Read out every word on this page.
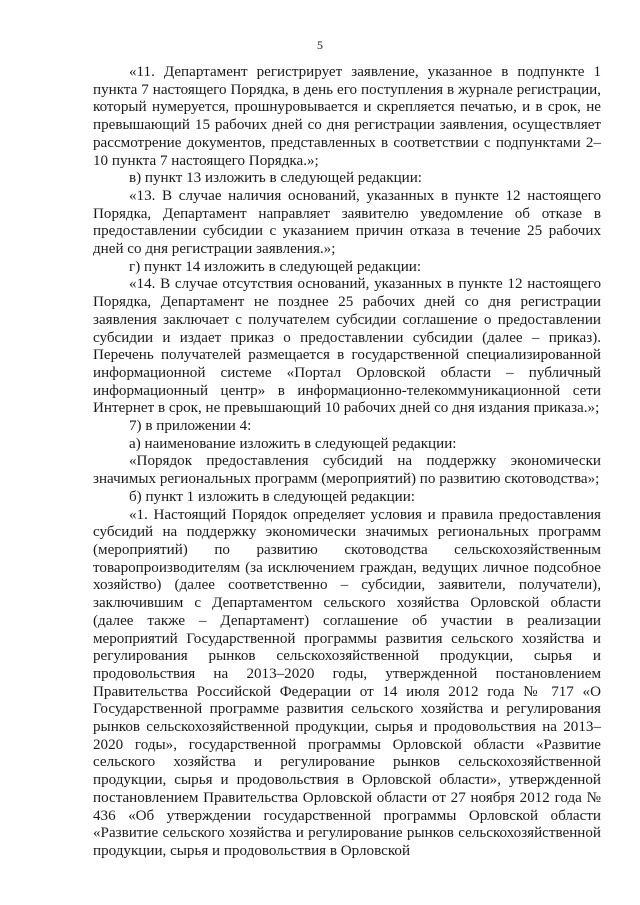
5

«11. Департамент регистрирует заявление, указанное в подпункте 1 пункта 7 настоящего Порядка, в день его поступления в журнале регистрации, который нумеруется, прошнуровывается и скрепляется печатью, и в срок, не превышающий 15 рабочих дней со дня регистрации заявления, осуществляет рассмотрение документов, представленных в соответствии с подпунктами 2–10 пункта 7 настоящего Порядка.»;

в) пункт 13 изложить в следующей редакции:

«13. В случае наличия оснований, указанных в пункте 12 настоящего Порядка, Департамент направляет заявителю уведомление об отказе в предоставлении субсидии с указанием причин отказа в течение 25 рабочих дней со дня регистрации заявления.»;

г) пункт 14 изложить в следующей редакции:

«14. В случае отсутствия оснований, указанных в пункте 12 настоящего Порядка, Департамент не позднее 25 рабочих дней со дня регистрации заявления заключает с получателем субсидии соглашение о предоставлении субсидии и издает приказ о предоставлении субсидии (далее – приказ). Перечень получателей размещается в государственной специализированной информационной системе «Портал Орловской области – публичный информационный центр» в информационно-телекоммуникационной сети Интернет в срок, не превышающий 10 рабочих дней со дня издания приказа.»;

7) в приложении 4:

а) наименование изложить в следующей редакции:

«Порядок предоставления субсидий на поддержку экономически значимых региональных программ (мероприятий) по развитию скотоводства»;

б) пункт 1 изложить в следующей редакции:

«1. Настоящий Порядок определяет условия и правила предоставления субсидий на поддержку экономически значимых региональных программ (мероприятий) по развитию скотоводства сельскохозяйственным товаропроизводителям (за исключением граждан, ведущих личное подсобное хозяйство) (далее соответственно – субсидии, заявители, получатели), заключившим с Департаментом сельского хозяйства Орловской области (далее также – Департамент) соглашение об участии в реализации мероприятий Государственной программы развития сельского хозяйства и регулирования рынков сельскохозяйственной продукции, сырья и продовольствия на 2013–2020 годы, утвержденной постановлением Правительства Российской Федерации от 14 июля 2012 года № 717 «О Государственной программе развития сельского хозяйства и регулирования рынков сельскохозяйственной продукции, сырья и продовольствия на 2013–2020 годы», государственной программы Орловской области «Развитие сельского хозяйства и регулирование рынков сельскохозяйственной продукции, сырья и продовольствия в Орловской области», утвержденной постановлением Правительства Орловской области от 27 ноября 2012 года № 436 «Об утверждении государственной программы Орловской области «Развитие сельского хозяйства и регулирование рынков сельскохозяйственной продукции, сырья и продовольствия в Орловской
